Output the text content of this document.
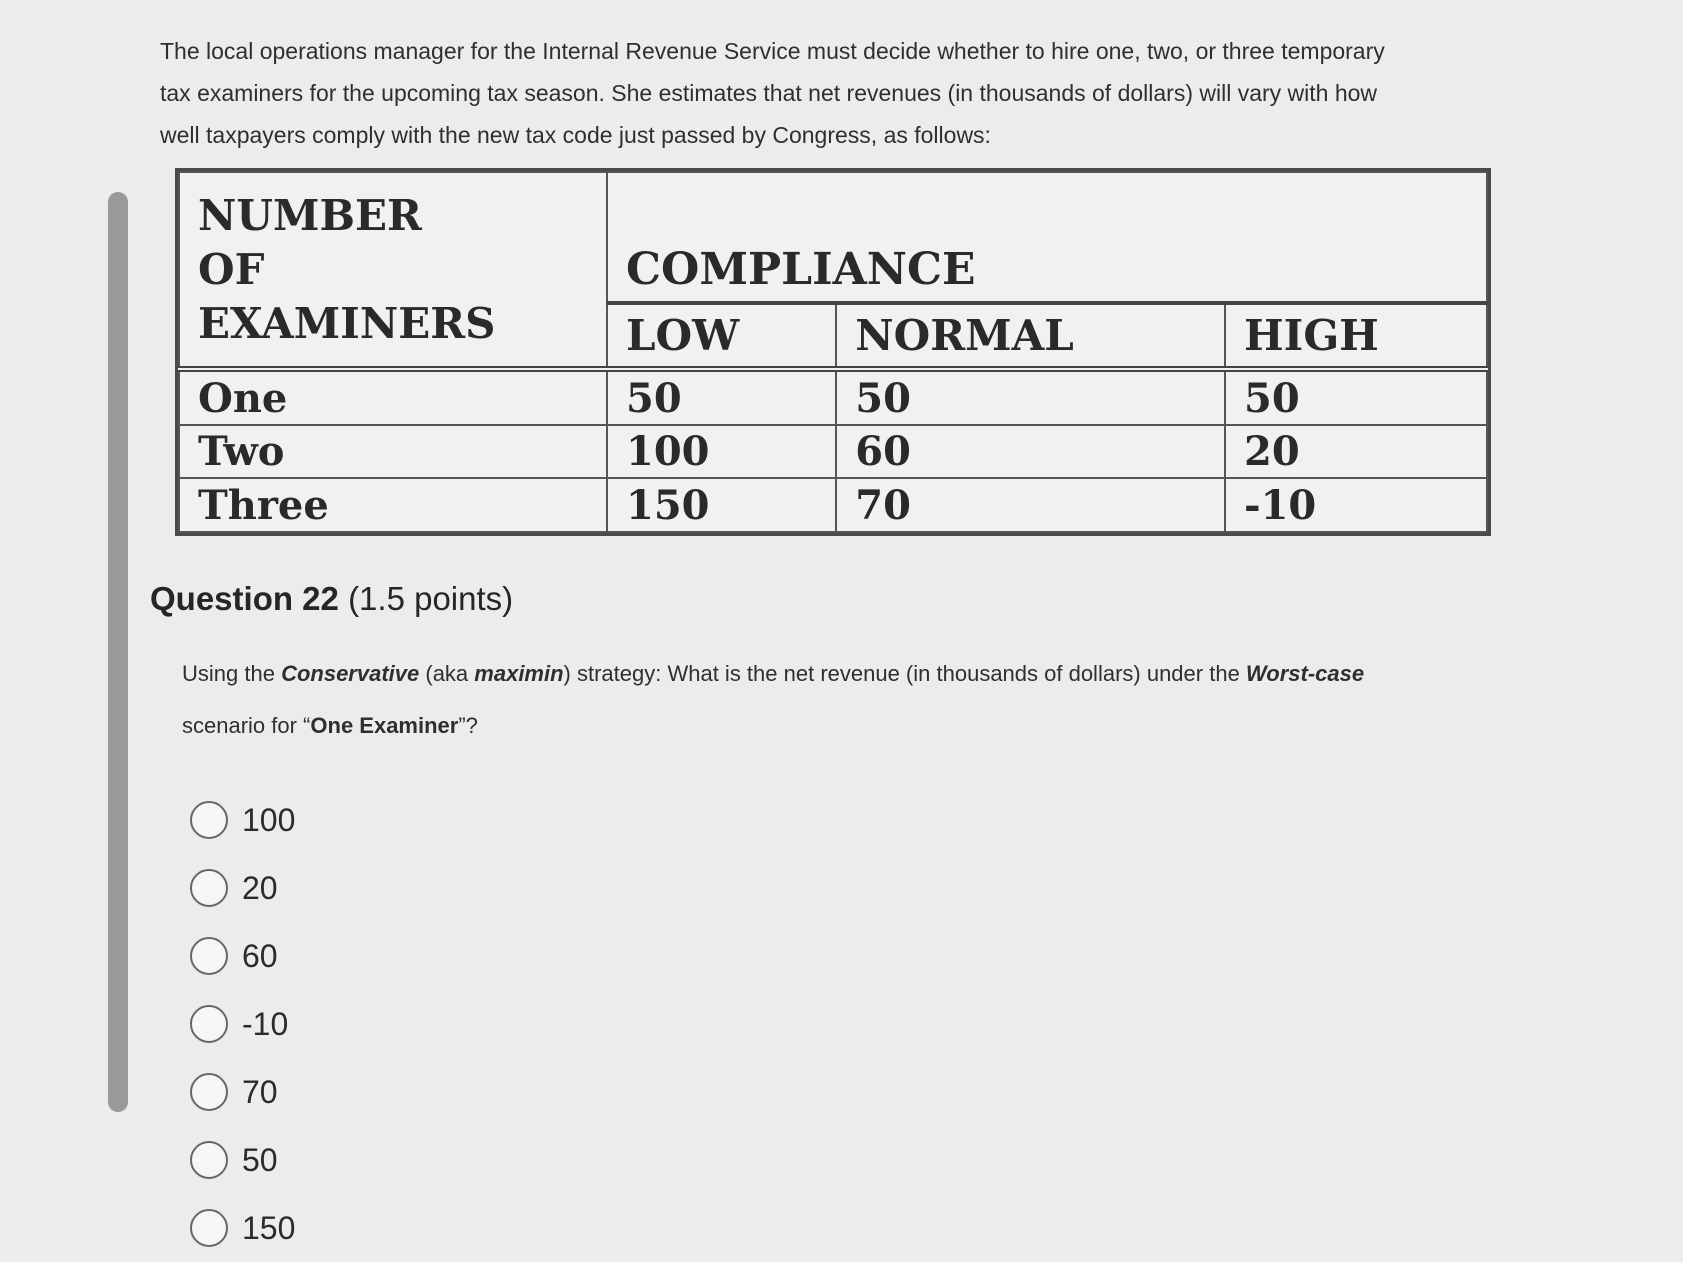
The local operations manager for the Internal Revenue Service must decide whether to hire one, two, or three temporary

tax examiners for the upcoming tax season. She estimates that net revenues (in thousands of dollars) will vary with how

well taxpayers comply with the new tax code just passed by Congress, as follows:

NUMBER
OF
EXAMINERS	COMPLIANCE		
	LOW	NORMAL	HIGH
One	50	50	50
Two	100	60	20
Three	150	70	-10
Question 22 (1.5 points)
Using the Conservative (aka maximin) strategy: What is the net revenue (in thousands of dollars) under the Worst-case
scenario for “One Examiner”?
100
20
60
-10
70
50
150
